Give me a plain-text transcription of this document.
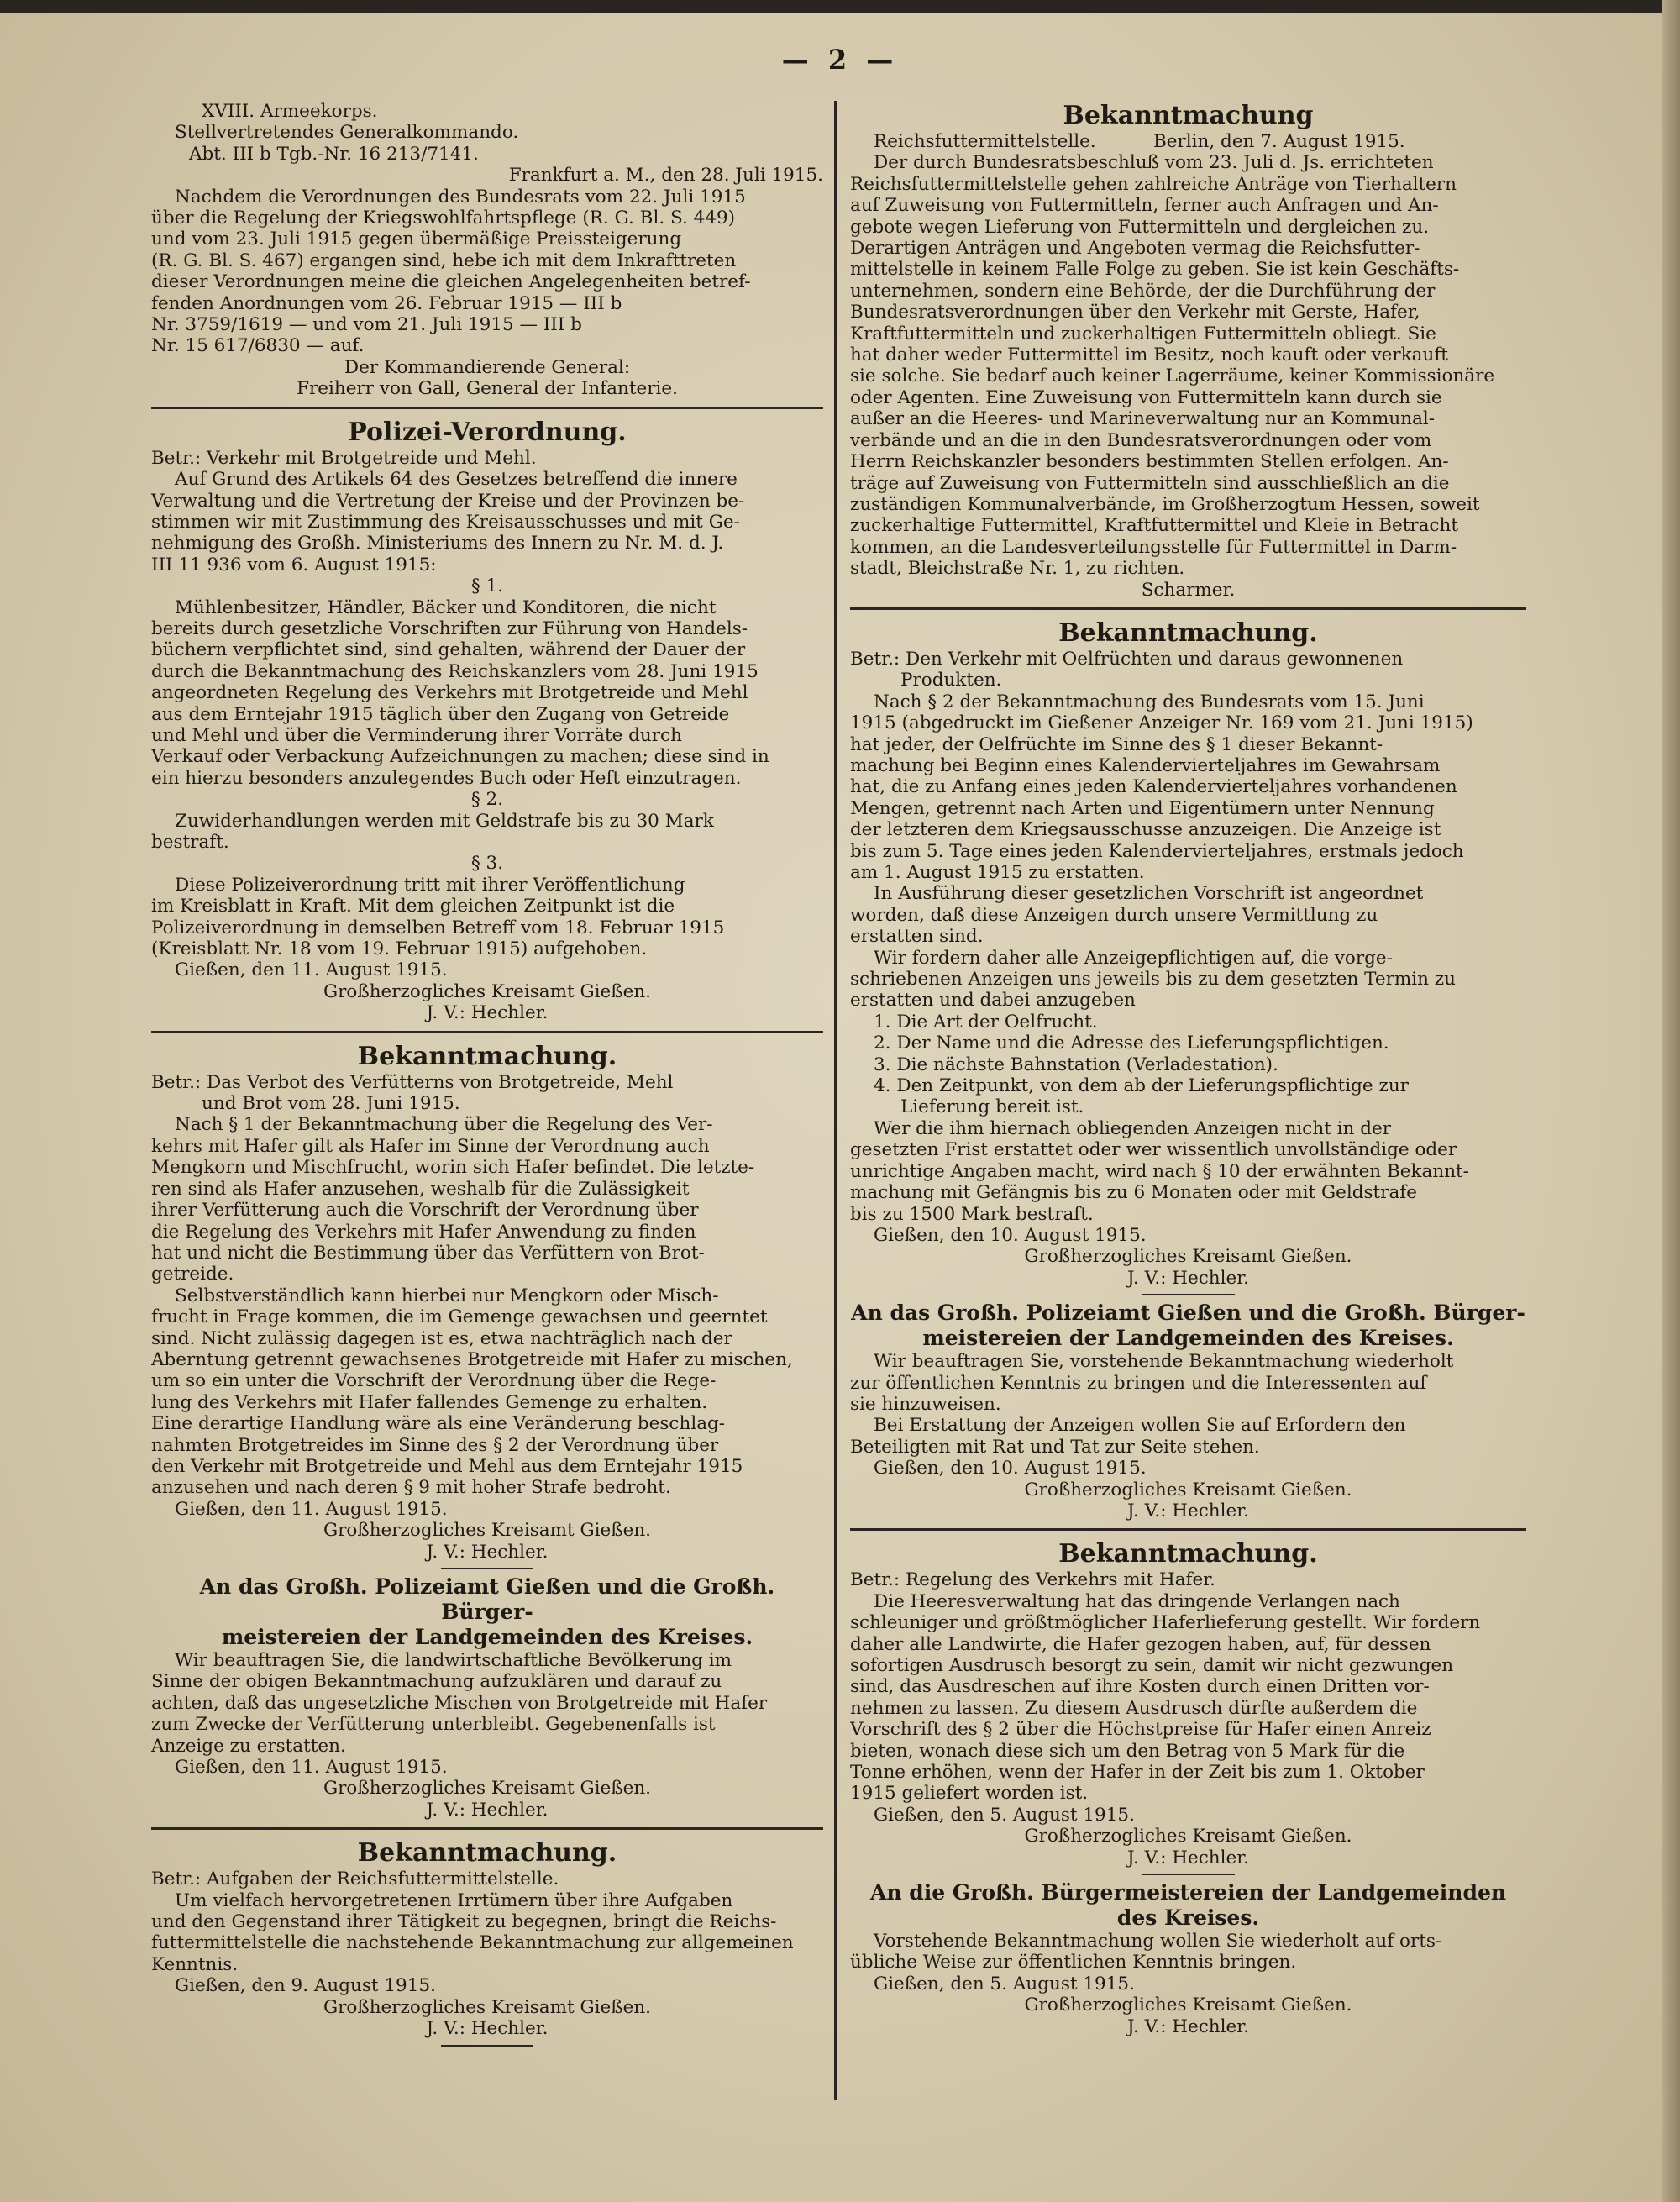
— 2 —
XVIII. Armeekorps.
Stellvertretendes Generalkommando.
Abt. III b Tgb.-Nr. 16 213/7141.
Frankfurt a. M., den 28. Juli 1915.
Nachdem die Verordnungen des Bundesrats vom 22. Juli 1915
über die Regelung der Kriegswohlfahrtspflege (R. G. Bl. S. 449)
und vom 23. Juli 1915 gegen übermäßige Preissteigerung
(R. G. Bl. S. 467) ergangen sind, hebe ich mit dem Inkrafttreten
dieser Verordnungen meine die gleichen Angelegenheiten betref-
fenden Anordnungen vom 26. Februar 1915 — III b
Nr. 3759/1619 — und vom 21. Juli 1915 — III b
Nr. 15 617/6830 — auf.
Der Kommandierende General:
Freiherr von Gall, General der Infanterie.
Polizei-Verordnung.
Betr.: Verkehr mit Brotgetreide und Mehl.
Auf Grund des Artikels 64 des Gesetzes betreffend die innere
Verwaltung und die Vertretung der Kreise und der Provinzen be-
stimmen wir mit Zustimmung des Kreisausschusses und mit Ge-
nehmigung des Großh. Ministeriums des Innern zu Nr. M. d. J.
III 11 936 vom 6. August 1915:
§ 1.
Mühlenbesitzer, Händler, Bäcker und Konditoren, die nicht
bereits durch gesetzliche Vorschriften zur Führung von Handels-
büchern verpflichtet sind, sind gehalten, während der Dauer der
durch die Bekanntmachung des Reichskanzlers vom 28. Juni 1915
angeordneten Regelung des Verkehrs mit Brotgetreide und Mehl
aus dem Erntejahr 1915 täglich über den Zugang von Getreide
und Mehl und über die Verminderung ihrer Vorräte durch
Verkauf oder Verbackung Aufzeichnungen zu machen; diese sind in
ein hierzu besonders anzulegendes Buch oder Heft einzutragen.
§ 2.
Zuwiderhandlungen werden mit Geldstrafe bis zu 30 Mark
bestraft.
§ 3.
Diese Polizeiverordnung tritt mit ihrer Veröffentlichung
im Kreisblatt in Kraft. Mit dem gleichen Zeitpunkt ist die
Polizeiverordnung in demselben Betreff vom 18. Februar 1915
(Kreisblatt Nr. 18 vom 19. Februar 1915) aufgehoben.
Gießen, den 11. August 1915.
Großherzogliches Kreisamt Gießen.
J. V.: Hechler.
Bekanntmachung.
Betr.: Das Verbot des Verfütterns von Brotgetreide, Mehl
und Brot vom 28. Juni 1915.
Nach § 1 der Bekanntmachung über die Regelung des Ver-
kehrs mit Hafer gilt als Hafer im Sinne der Verordnung auch
Mengkorn und Mischfrucht, worin sich Hafer befindet. Die letzte-
ren sind als Hafer anzusehen, weshalb für die Zulässigkeit
ihrer Verfütterung auch die Vorschrift der Verordnung über
die Regelung des Verkehrs mit Hafer Anwendung zu finden
hat und nicht die Bestimmung über das Verfüttern von Brot-
getreide.
Selbstverständlich kann hierbei nur Mengkorn oder Misch-
frucht in Frage kommen, die im Gemenge gewachsen und geerntet
sind. Nicht zulässig dagegen ist es, etwa nachträglich nach der
Aberntung getrennt gewachsenes Brotgetreide mit Hafer zu mischen,
um so ein unter die Vorschrift der Verordnung über die Rege-
lung des Verkehrs mit Hafer fallendes Gemenge zu erhalten.
Eine derartige Handlung wäre als eine Veränderung beschlag-
nahmten Brotgetreides im Sinne des § 2 der Verordnung über
den Verkehr mit Brotgetreide und Mehl aus dem Erntejahr 1915
anzusehen und nach deren § 9 mit hoher Strafe bedroht.
Gießen, den 11. August 1915.
Großherzogliches Kreisamt Gießen.
J. V.: Hechler.
An das Großh. Polizeiamt Gießen und die Großh. Bürger-
meistereien der Landgemeinden des Kreises.
Wir beauftragen Sie, die landwirtschaftliche Bevölkerung im
Sinne der obigen Bekanntmachung aufzuklären und darauf zu
achten, daß das ungesetzliche Mischen von Brotgetreide mit Hafer
zum Zwecke der Verfütterung unterbleibt. Gegebenenfalls ist
Anzeige zu erstatten.
Gießen, den 11. August 1915.
Großherzogliches Kreisamt Gießen.
J. V.: Hechler.
Bekanntmachung.
Betr.: Aufgaben der Reichsfuttermittelstelle.
Um vielfach hervorgetretenen Irrtümern über ihre Aufgaben
und den Gegenstand ihrer Tätigkeit zu begegnen, bringt die Reichs-
futtermittelstelle die nachstehende Bekanntmachung zur allgemeinen
Kenntnis.
Gießen, den 9. August 1915.
Großherzogliches Kreisamt Gießen.
J. V.: Hechler.
Bekanntmachung
Reichsfuttermittelstelle.          Berlin, den 7. August 1915.
Der durch Bundesratsbeschluß vom 23. Juli d. Js. errichteten
Reichsfuttermittelstelle gehen zahlreiche Anträge von Tierhaltern
auf Zuweisung von Futtermitteln, ferner auch Anfragen und An-
gebote wegen Lieferung von Futtermitteln und dergleichen zu.
Derartigen Anträgen und Angeboten vermag die Reichsfutter-
mittelstelle in keinem Falle Folge zu geben. Sie ist kein Geschäfts-
unternehmen, sondern eine Behörde, der die Durchführung der
Bundesratsverordnungen über den Verkehr mit Gerste, Hafer,
Kraftfuttermitteln und zuckerhaltigen Futtermitteln obliegt. Sie
hat daher weder Futtermittel im Besitz, noch kauft oder verkauft
sie solche. Sie bedarf auch keiner Lagerräume, keiner Kommissionäre
oder Agenten. Eine Zuweisung von Futtermitteln kann durch sie
außer an die Heeres- und Marineverwaltung nur an Kommunal-
verbände und an die in den Bundesratsverordnungen oder vom
Herrn Reichskanzler besonders bestimmten Stellen erfolgen. An-
träge auf Zuweisung von Futtermitteln sind ausschließlich an die
zuständigen Kommunalverbände, im Großherzogtum Hessen, soweit
zuckerhaltige Futtermittel, Kraftfuttermittel und Kleie in Betracht
kommen, an die Landesverteilungsstelle für Futtermittel in Darm-
stadt, Bleichstraße Nr. 1, zu richten.
Scharmer.
Bekanntmachung.
Betr.: Den Verkehr mit Oelfrüchten und daraus gewonnenen
Produkten.
Nach § 2 der Bekanntmachung des Bundesrats vom 15. Juni
1915 (abgedruckt im Gießener Anzeiger Nr. 169 vom 21. Juni 1915)
hat jeder, der Oelfrüchte im Sinne des § 1 dieser Bekannt-
machung bei Beginn eines Kalendervierteljahres im Gewahrsam
hat, die zu Anfang eines jeden Kalendervierteljahres vorhandenen
Mengen, getrennt nach Arten und Eigentümern unter Nennung
der letzteren dem Kriegsausschusse anzuzeigen. Die Anzeige ist
bis zum 5. Tage eines jeden Kalendervierteljahres, erstmals jedoch
am 1. August 1915 zu erstatten.
In Ausführung dieser gesetzlichen Vorschrift ist angeordnet
worden, daß diese Anzeigen durch unsere Vermittlung zu
erstatten sind.
Wir fordern daher alle Anzeigepflichtigen auf, die vorge-
schriebenen Anzeigen uns jeweils bis zu dem gesetzten Termin zu
erstatten und dabei anzugeben
1. Die Art der Oelfrucht.
2. Der Name und die Adresse des Lieferungspflichtigen.
3. Die nächste Bahnstation (Verladestation).
4. Den Zeitpunkt, von dem ab der Lieferungspflichtige zur
Lieferung bereit ist.
Wer die ihm hiernach obliegenden Anzeigen nicht in der
gesetzten Frist erstattet oder wer wissentlich unvollständige oder
unrichtige Angaben macht, wird nach § 10 der erwähnten Bekannt-
machung mit Gefängnis bis zu 6 Monaten oder mit Geldstrafe
bis zu 1500 Mark bestraft.
Gießen, den 10. August 1915.
Großherzogliches Kreisamt Gießen.
J. V.: Hechler.
An das Großh. Polizeiamt Gießen und die Großh. Bürger-
meistereien der Landgemeinden des Kreises.
Wir beauftragen Sie, vorstehende Bekanntmachung wiederholt
zur öffentlichen Kenntnis zu bringen und die Interessenten auf
sie hinzuweisen.
Bei Erstattung der Anzeigen wollen Sie auf Erfordern den
Beteiligten mit Rat und Tat zur Seite stehen.
Gießen, den 10. August 1915.
Großherzogliches Kreisamt Gießen.
J. V.: Hechler.
Bekanntmachung.
Betr.: Regelung des Verkehrs mit Hafer.
Die Heeresverwaltung hat das dringende Verlangen nach
schleuniger und größtmöglicher Haferlieferung gestellt. Wir fordern
daher alle Landwirte, die Hafer gezogen haben, auf, für dessen
sofortigen Ausdrusch besorgt zu sein, damit wir nicht gezwungen
sind, das Ausdreschen auf ihre Kosten durch einen Dritten vor-
nehmen zu lassen. Zu diesem Ausdrusch dürfte außerdem die
Vorschrift des § 2 über die Höchstpreise für Hafer einen Anreiz
bieten, wonach diese sich um den Betrag von 5 Mark für die
Tonne erhöhen, wenn der Hafer in der Zeit bis zum 1. Oktober
1915 geliefert worden ist.
Gießen, den 5. August 1915.
Großherzogliches Kreisamt Gießen.
J. V.: Hechler.
An die Großh. Bürgermeistereien der Landgemeinden
des Kreises.
Vorstehende Bekanntmachung wollen Sie wiederholt auf orts-
übliche Weise zur öffentlichen Kenntnis bringen.
Gießen, den 5. August 1915.
Großherzogliches Kreisamt Gießen.
J. V.: Hechler.
